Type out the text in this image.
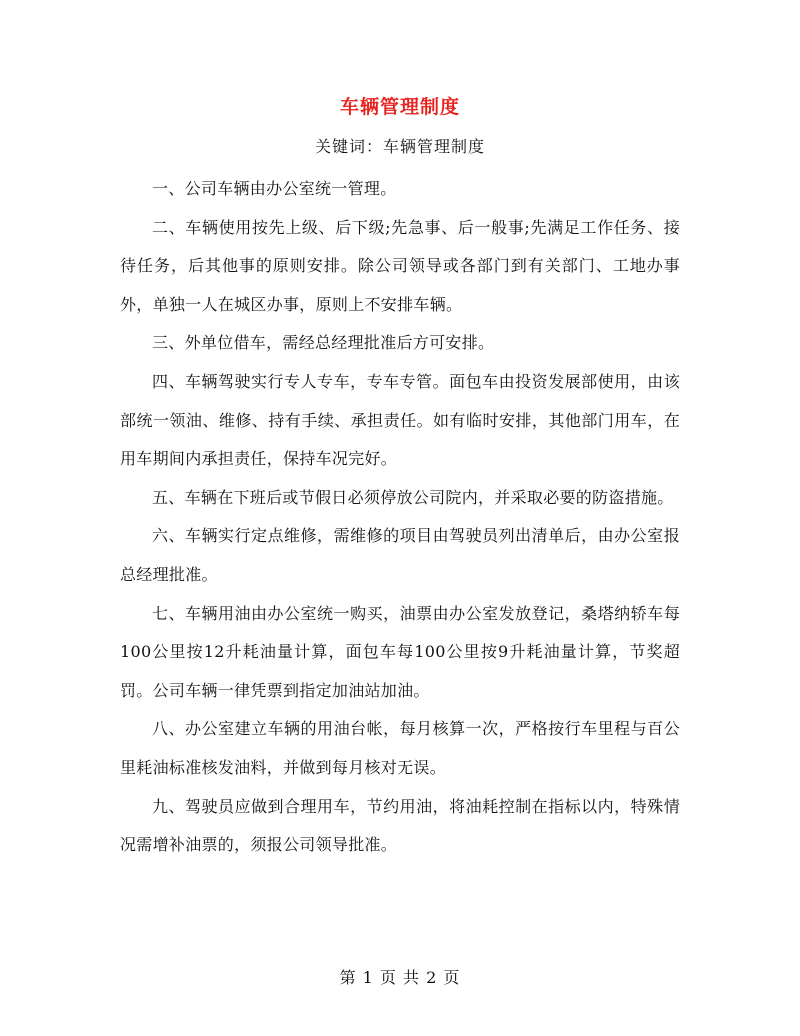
车辆管理制度
关键词：车辆管理制度

一、公司车辆由办公室统一管理。

二、车辆使用按先上级、后下级;先急事、后一般事;先满足工作任务、接待任务，后其他事的原则安排。除公司领导或各部门到有关部门、工地办事外，单独一人在城区办事，原则上不安排车辆。

三、外单位借车，需经总经理批准后方可安排。

四、车辆驾驶实行专人专车，专车专管。面包车由投资发展部使用，由该部统一领油、维修、持有手续、承担责任。如有临时安排，其他部门用车，在用车期间内承担责任，保持车况完好。

五、车辆在下班后或节假日必须停放公司院内，并采取必要的防盗措施。

六、车辆实行定点维修，需维修的项目由驾驶员列出清单后，由办公室报总经理批准。

七、车辆用油由办公室统一购买，油票由办公室发放登记，桑塔纳轿车每100公里按12升耗油量计算，面包车每100公里按9升耗油量计算，节奖超罚。公司车辆一律凭票到指定加油站加油。

八、办公室建立车辆的用油台帐，每月核算一次，严格按行车里程与百公里耗油标准核发油料，并做到每月核对无误。

九、驾驶员应做到合理用车，节约用油，将油耗控制在指标以内，特殊情况需增补油票的，须报公司领导批准。

第 1 页 共 2 页
